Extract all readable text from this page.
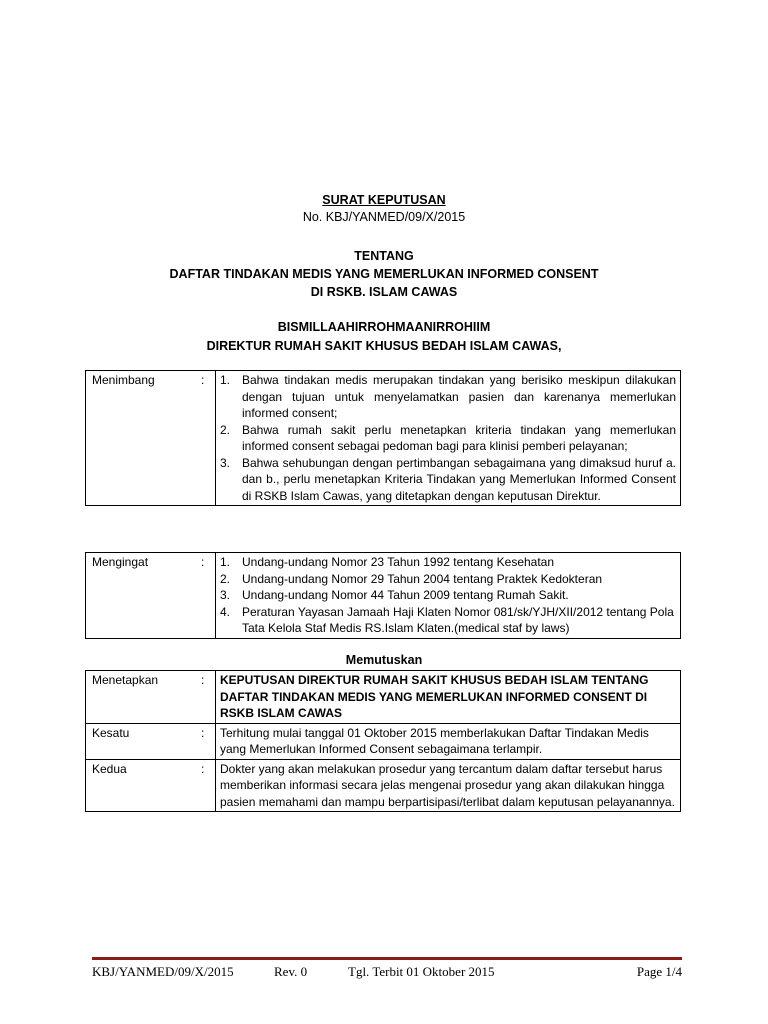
SURAT KEPUTUSAN
No. KBJ/YANMED/09/X/2015
TENTANG
DAFTAR TINDAKAN MEDIS YANG MEMERLUKAN INFORMED CONSENT
DI RSKB. ISLAM CAWAS
BISMILLAAHIRROHMAANIRROHIIM
DIREKTUR RUMAH SAKIT KHUSUS BEDAH ISLAM CAWAS,
Menimbang	:	1. Bahwa tindakan medis merupakan tindakan yang berisiko meskipun dilakukan dengan tujuan untuk menyelamatkan pasien dan karenanya memerlukan informed consent;
2. Bahwa rumah sakit perlu menetapkan kriteria tindakan yang memerlukan informed consent sebagai pedoman bagi para klinisi pemberi pelayanan;
3. Bahwa sehubungan dengan pertimbangan sebagaimana yang dimaksud huruf a. dan b., perlu menetapkan Kriteria Tindakan yang Memerlukan Informed Consent di RSKB Islam Cawas, yang ditetapkan dengan keputusan Direktur.
Mengingat	:	1. Undang-undang Nomor 23 Tahun 1992 tentang Kesehatan
2. Undang-undang Nomor 29 Tahun 2004 tentang Praktek Kedokteran
3. Undang-undang Nomor 44 Tahun 2009 tentang Rumah Sakit.
4. Peraturan Yayasan Jamaah Haji Klaten Nomor 081/sk/YJH/XII/2012 tentang Pola Tata Kelola Staf Medis RS.Islam Klaten.(medical staf by laws)
Memutuskan
Menetapkan	:	KEPUTUSAN DIREKTUR RUMAH SAKIT KHUSUS BEDAH ISLAM TENTANG DAFTAR TINDAKAN MEDIS YANG MEMERLUKAN INFORMED CONSENT DI RSKB ISLAM CAWAS
Kesatu	:	Terhitung mulai tanggal 01 Oktober 2015 memberlakukan Daftar Tindakan Medis yang Memerlukan Informed Consent sebagaimana terlampir.
Kedua	:	Dokter yang akan melakukan prosedur yang tercantum dalam daftar tersebut harus memberikan informasi secara jelas mengenai prosedur yang akan dilakukan hingga pasien memahami dan mampu berpartisipasi/terlibat dalam keputusan pelayanannya.
KBJ/YANMED/09/X/2015	Rev. 0	Tgl. Terbit 01 Oktober 2015	Page 1/4
